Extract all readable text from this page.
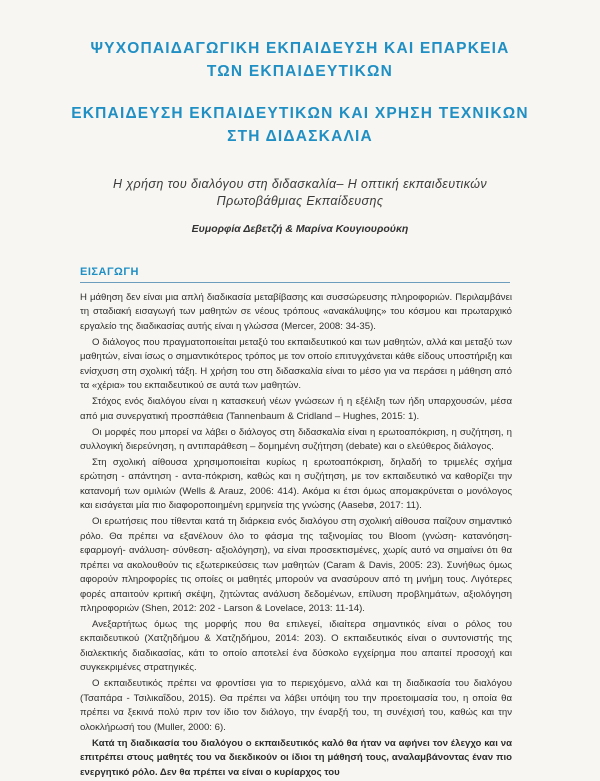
ΨΥΧΟΠΑΙΔΑΓΩΓΙΚΗ ΕΚΠΑΙΔΕΥΣΗ ΚΑΙ ΕΠΑΡΚΕΙΑ
ΤΩΝ ΕΚΠΑΙΔΕΥΤΙΚΩΝ
ΕΚΠΑΙΔΕΥΣΗ ΕΚΠΑΙΔΕΥΤΙΚΩΝ ΚΑΙ ΧΡΗΣΗ ΤΕΧΝΙΚΩΝ
ΣΤΗ ΔΙΔΑΣΚΑΛΙΑ
Η χρήση του διαλόγου στη διδασκαλία– Η οπτική εκπαιδευτικών
Πρωτοβάθμιας Εκπαίδευσης
Ευμορφία Δεβετζή & Μαρίνα Κουγιουρούκη
ΕΙΣΑΓΩΓΗ

Η μάθηση δεν είναι μια απλή διαδικασία μεταβίβασης και συσσώρευσης πληροφοριών. Περιλαμβάνει τη σταδιακή εισαγωγή των μαθητών σε νέους τρόπους «ανακάλυψης» του κόσμου και πρωταρχικό εργαλείο της διαδικασίας αυτής είναι η γλώσσα (Mercer, 2008: 34-35).

Ο διάλογος που πραγματοποιείται μεταξύ του εκπαιδευτικού και των μαθητών, αλλά και μεταξύ των μαθητών, είναι ίσως ο σημαντικότερος τρόπος με τον οποίο επιτυγχάνεται κάθε είδους υποστήριξη και ενίσχυση στη σχολική τάξη. Η χρήση του στη διδασκαλία είναι το μέσο για να περάσει η μάθηση από τα «χέρια» του εκπαιδευτικού σε αυτά των μαθητών.

Στόχος ενός διαλόγου είναι η κατασκευή νέων γνώσεων ή η εξέλιξη των ήδη υπαρχουσών, μέσα από μια συνεργατική προσπάθεια (Tannenbaum & Cridland – Hughes, 2015: 1).

Οι μορφές που μπορεί να λάβει ο διάλογος στη διδασκαλία είναι η ερωτοαπόκριση, η συζήτηση, η συλλογική διερεύνηση, η αντιπαράθεση – δομημένη συζήτηση (debate) και ο ελεύθερος διάλογος.

Στη σχολική αίθουσα χρησιμοποιείται κυρίως η ερωτοαπόκριση, δηλαδή το τριμελές σχήμα ερώτηση - απάντηση - αντα-πόκριση, καθώς και η συζήτηση, με τον εκπαιδευτικό να καθορίζει την κατανομή των ομιλιών (Wells & Arauz, 2006: 414). Ακόμα κι έτσι όμως απομακρύνεται ο μονόλογος και εισάγεται μία πιο διαφοροποιημένη ερμηνεία της γνώσης (Aasebø, 2017: 11).

Οι ερωτήσεις που τίθενται κατά τη διάρκεια ενός διαλόγου στη σχολική αίθουσα παίζουν σημαντικό ρόλο. Θα πρέπει να εξανέλουν όλο το φάσμα της ταξινομίας του Bloom (γνώση- κατανόηση- εφαρμογή- ανάλυση- σύνθεση- αξιολόγηση), να είναι προσεκτισμένες, χωρίς αυτό να σημαίνει ότι θα πρέπει να ακολουθούν τις εξωτερικεύσεις των μαθητών (Caram & Davis, 2005: 23). Συνήθως όμως αφορούν πληροφορίες τις οποίες οι μαθητές μπορούν να ανασύρουν από τη μνήμη τους. Λιγότερες φορές απαιτούν κριτική σκέψη, ζητώντας ανάλυση δεδομένων, επίλυση προβλημάτων, αξιολόγηση πληροφοριών (Shen, 2012: 202 - Larson & Lovelace, 2013: 11-14).

Ανεξαρτήτως όμως της μορφής που θα επιλεγεί, ιδιαίτερα σημαντικός είναι ο ρόλος του εκπαιδευτικού (Χατζηδήμου & Χατζηδήμου, 2014: 203). Ο εκπαιδευτικός είναι ο συντονιστής της διαλεκτικής διαδικασίας, κάτι το οποίο αποτελεί ένα δύσκολο εγχείρημα που απαιτεί προσοχή και συγκεκριμένες στρατηγικές.

Ο εκπαιδευτικός πρέπει να φροντίσει για το περιεχόμενο, αλλά και τη διαδικασία του διαλόγου (Τσαπάρα - Τσιλικαΐδου, 2015). Θα πρέπει να λάβει υπόψη του την προετοιμασία του, η οποία θα πρέπει να ξεκινά πολύ πριν τον ίδιο τον διάλογο, την έναρξή του, τη συνέχισή του, καθώς και την ολοκλήρωσή του (Muller, 2000: 6).

Κατά τη διαδικασία του διαλόγου ο εκπαιδευτικός καλό θα ήταν να αφήνει τον έλεγχο και να επιτρέπει στους μαθητές του να διεκδικούν οι ίδιοι τη μάθησή τους, αναλαμβάνοντας έναν πιο ενεργητικό ρόλο. Δεν θα πρέπει να είναι ο κυρίαρχος του
